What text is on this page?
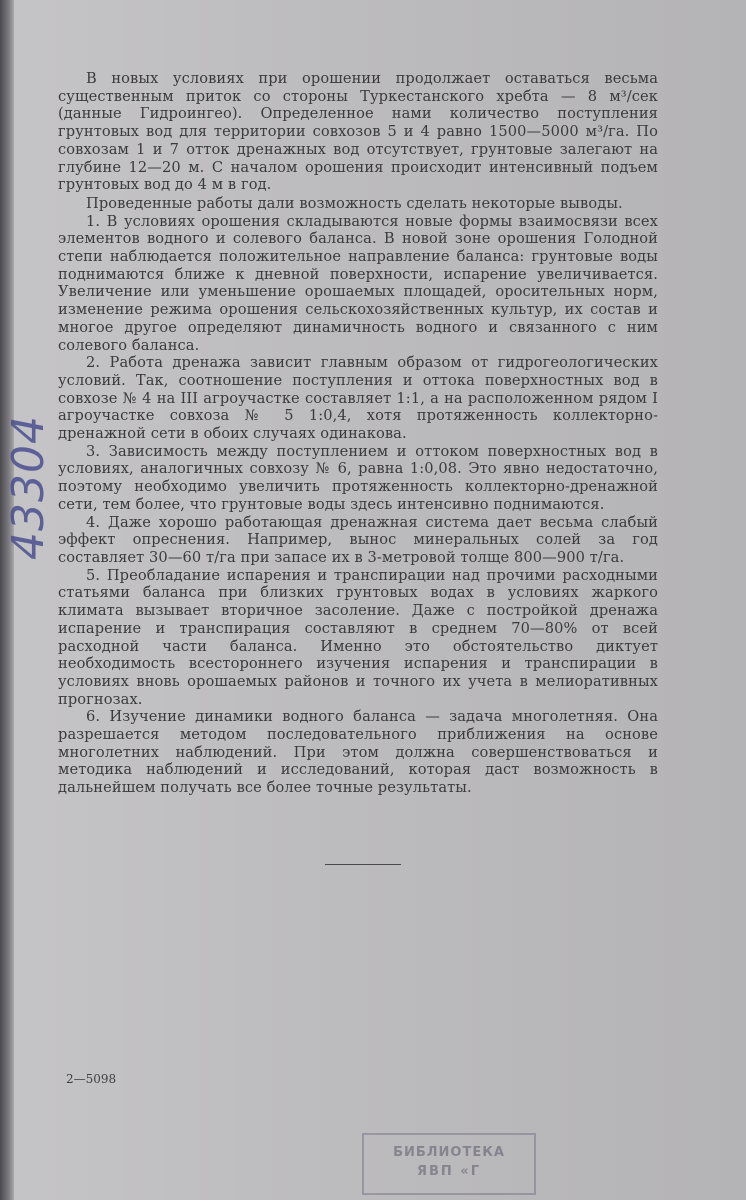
В новых условиях при орошении продолжает оставаться весьма существенным приток со стороны Туркестанского хребта — 8 м³/сек (данные Гидроингео). Определенное нами количество поступления грунтовых вод для территории совхозов 5 и 4 равно 1500—5000 м³/га. По совхозам 1 и 7 отток дренажных вод отсутствует, грунтовые залегают на глубине 12—20 м. С началом орошения происходит интенсивный подъем грунтовых вод до 4 м в год.

Проведенные работы дали возможность сделать некоторые выводы.

1. В условиях орошения складываются новые формы взаимосвязи всех элементов водного и солевого баланса. В новой зоне орошения Голодной степи наблюдается положительное направление баланса: грунтовые воды поднимаются ближе к дневной поверхности, испарение увеличивается. Увеличение или уменьшение орошаемых площадей, оросительных норм, изменение режима орошения сельскохозяйственных культур, их состав и многое другое определяют динамичность водного и связанного с ним солевого баланса.

2. Работа дренажа зависит главным образом от гидрогеологических условий. Так, соотношение поступления и оттока поверхностных вод в совхозе № 4 на III агроучастке составляет 1:1, а на расположенном рядом I агроучастке совхоза № 5 1:0,4, хотя протяженность коллекторно-дренажной сети в обоих случаях одинакова.

3. Зависимость между поступлением и оттоком поверхностных вод в условиях, аналогичных совхозу № 6, равна 1:0,08. Это явно недостаточно, поэтому необходимо увеличить протяженность коллекторно-дренажной сети, тем более, что грунтовые воды здесь интенсивно поднимаются.

4. Даже хорошо работающая дренажная система дает весьма слабый эффект опреснения. Например, вынос минеральных солей за год составляет 30—60 т/га при запасе их в 3-метровой толще 800—900 т/га.

5. Преобладание испарения и транспирации над прочими расходными статьями баланса при близких грунтовых водах в условиях жаркого климата вызывает вторичное засоление. Даже с постройкой дренажа испарение и транспирация составляют в среднем 70—80% от всей расходной части баланса. Именно это обстоятельство диктует необходимость всестороннего изучения испарения и транспирации в условиях вновь орошаемых районов и точного их учета в мелиоративных прогнозах.

6. Изучение динамики водного баланса — задача многолетняя. Она разрешается методом последовательного приближения на основе многолетних наблюдений. При этом должна совершенствоваться и методика наблюдений и исследований, которая даст возможность в дальнейшем получать все более точные результаты.

43304
2—5098
БИБЛИОТЕКА
ЯВП «Г
